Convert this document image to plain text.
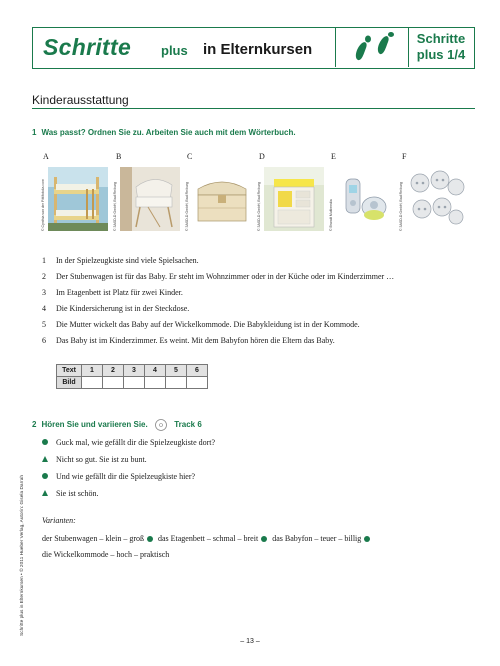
Schritte plus in Elternkursen
Schritte
plus 1/4
Kinderausstattung
1 Was passt? Ordnen Sie zu. Arbeiten Sie auch mit dem Wörterbuch.
A	B	C	D	E	F
© Cynthia van der Pitt/fotolia.com	© 3ASD-D GmbH, Bad Reiburg	© 3ASD-D GmbH, Bad Reiburg	© 3ASD-D GmbH, Bad Reiburg	© Brandt Multimedia	© 3ASD-D GmbH, Bad Reiburg
1 In der Spielzeugkiste sind viele Spielsachen.
2 Der Stubenwagen ist für das Baby. Er steht im Wohnzimmer oder in der Küche oder im Kinderzimmer …
3 Im Etagenbett ist Platz für zwei Kinder.
4 Die Kindersicherung ist in der Steckdose.
5 Die Mutter wickelt das Baby auf der Wickelkommode. Die Babykleidung ist in der Kommode.
6 Das Baby ist im Kinderzimmer. Es weint. Mit dem Babyfon hören die Eltern das Baby.
Text	1	2	3	4	5	6
Bild						
2 Hören Sie und variieren Sie.	Track 6
Guck mal, wie gefällt dir die Spielzeugkiste dort?
Nicht so gut. Sie ist zu bunt.
Und wie gefällt dir die Spielzeugkiste hier?
Sie ist schön.
Varianten:
der Stubenwagen – klein – groß das Etagenbett – schmal – breit das Babyfon – teuer – billig
die Wickelkommode – hoch – praktisch
Schritte plus in Elternkursen • © 2011 Hueber Verlag, Autorin: Gisela Darrah
– 13 –
